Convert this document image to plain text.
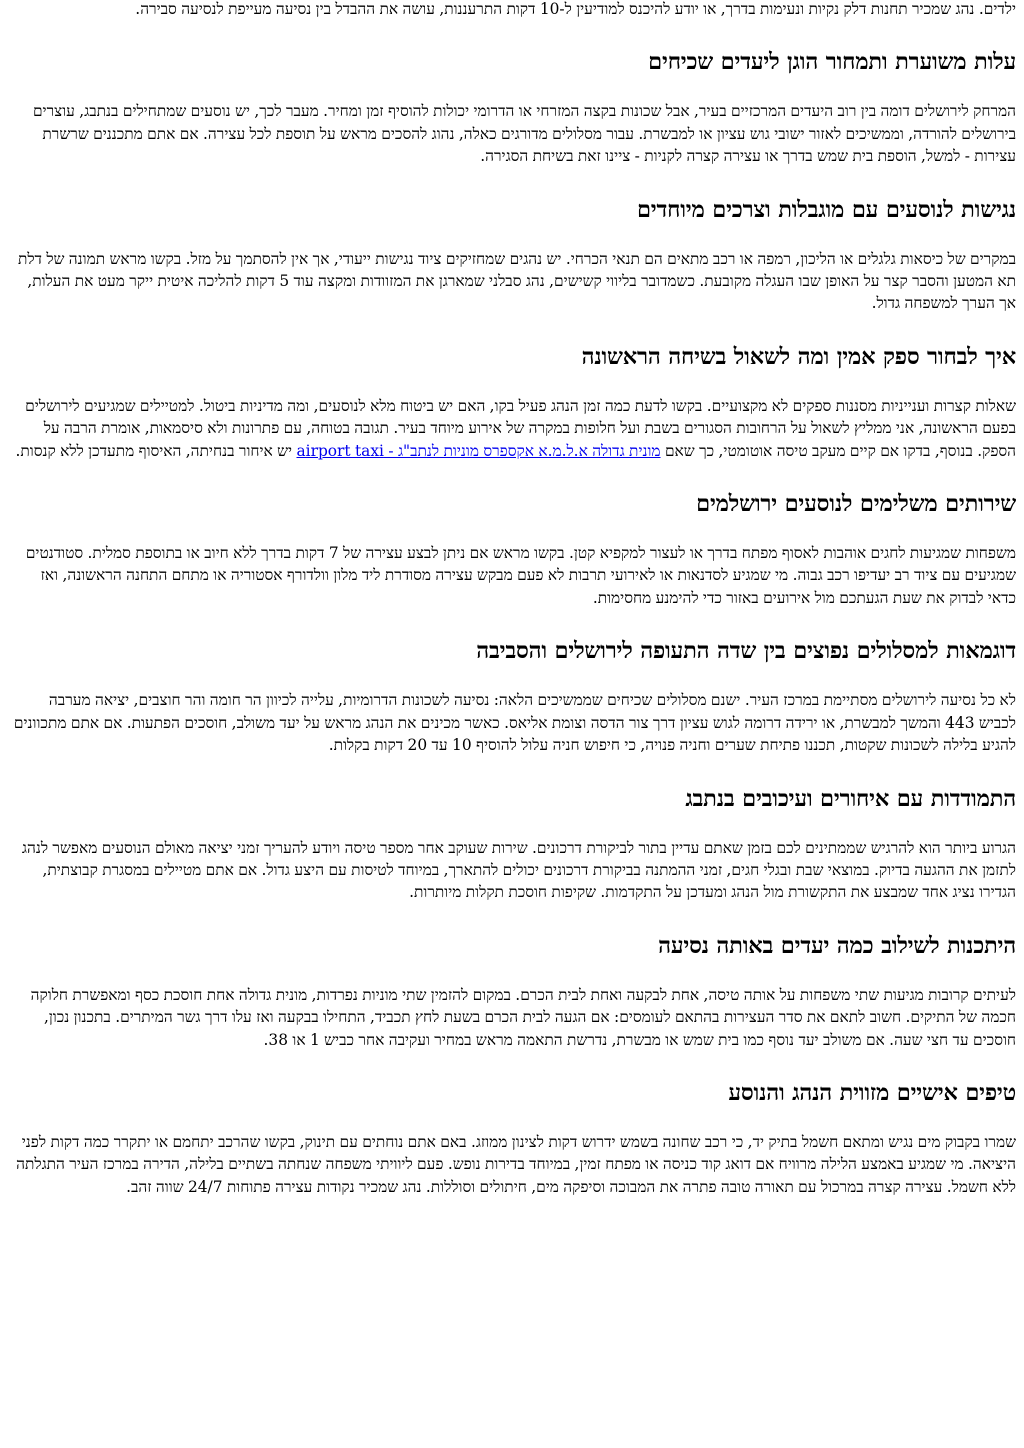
ילדים. נהג שמכיר תחנות דלק נקיות ונעימות בדרך, או יודע להיכנס למודיעין ל-10 דקות התרעננות, עושה את ההבדל בין נסיעה מעייפת לנסיעה סבירה.

עלות משוערת ותמחור הוגן ליעדים שכיחים

המרחק לירושלים דומה בין רוב היעדים המרכזיים בעיר, אבל שכונות בקצה המזרחי או הדרומי יכולות להוסיף זמן ומחיר. מעבר לכך, יש נוסעים שמתחילים בנתבג, עוצרים בירושלים להורדה, וממשיכים לאזור ישובי גוש עציון או למבשרת. עבור מסלולים מדורגים כאלה, נהוג להסכים מראש על תוספת לכל עצירה. אם אתם מתכננים שרשרת עצירות - למשל, הוספת בית שמש בדרך או עצירה קצרה לקניות - ציינו זאת בשיחת הסגירה.

נגישות לנוסעים עם מוגבלות וצרכים מיוחדים

במקרים של כיסאות גלגלים או הליכון, רמפה או רכב מתאים הם תנאי הכרחי. יש נהגים שמחזיקים ציוד נגישות ייעודי, אך אין להסתמך על מזל. בקשו מראש תמונה של דלת תא המטען והסבר קצר על האופן שבו העגלה מקובעת. כשמדובר בליווי קשישים, נהג סבלני שמארגן את המזוודות ומקצה עוד 5 דקות להליכה איטית ייקר מעט את העלות, אך הערך למשפחה גדול.

איך לבחור ספק אמין ומה לשאול בשיחה הראשונה

שאלות קצרות וענייניות מסננות ספקים לא מקצועיים. בקשו לדעת כמה זמן הנהג פעיל בקו, האם יש ביטוח מלא לנוסעים, ומה מדיניות ביטול. למטיילים שמגיעים לירושלים בפעם הראשונה, אני ממליץ לשאול על הרחובות הסגורים בשבת ועל חלופות במקרה של אירוע מיוחד בעיר. תגובה בטוחה, עם פתרונות ולא סיסמאות, אומרת הרבה על הספק. בנוסף, בדקו אם קיים מעקב טיסה אוטומטי, כך שאם מונית גדולה א.ל.מ.א אקספרס מוניות לנתב"ג - airport taxi יש איחור בנחיתה, האיסוף מתעדכן ללא קנסות.

שירותים משלימים לנוסעים ירושלמים

משפחות שמגיעות לחגים אוהבות לאסוף מפתח בדרך או לעצור למקפיא קטן. בקשו מראש אם ניתן לבצע עצירה של 7 דקות בדרך ללא חיוב או בתוספת סמלית. סטודנטים שמגיעים עם ציוד רב יעדיפו רכב גבוה. מי שמגיע לסדנאות או לאירועי תרבות לא פעם מבקש עצירה מסודרת ליד מלון וולדורף אסטוריה או מתחם התחנה הראשונה, ואז כדאי לבדוק את שעת הגעתכם מול אירועים באזור כדי להימנע מחסימות.

דוגמאות למסלולים נפוצים בין שדה התעופה לירושלים והסביבה

לא כל נסיעה לירושלים מסתיימת במרכז העיר. ישנם מסלולים שכיחים שממשיכים הלאה: נסיעה לשכונות הדרומיות, עלייה לכיוון הר חומה והר חוצבים, יציאה מערבה לכביש 443 והמשך למבשרת, או ירידה דרומה לגוש עציון דרך צור הדסה וצומת אליאס. כאשר מכינים את הנהג מראש על יעד משולב, חוסכים הפתעות. אם אתם מתכוונים להגיע בלילה לשכונות שקטות, תכננו פתיחת שערים וחניה פנויה, כי חיפוש חניה עלול להוסיף 10 עד 20 דקות בקלות.

התמודדות עם איחורים ועיכובים בנתבג

הגרוע ביותר הוא להרגיש שממתינים לכם בזמן שאתם עדיין בתור לביקורת דרכונים. שירות שעוקב אחר מספר טיסה ויודע להעריך זמני יציאה מאולם הנוסעים מאפשר לנהג לתזמן את ההגעה בדיוק. במוצאי שבת ובגלי חגים, זמני ההמתנה בביקורת דרכונים יכולים להתארך, במיוחד לטיסות עם היצע גדול. אם אתם מטיילים במסגרת קבוצתית, הגדירו נציג אחד שמבצע את התקשורת מול הנהג ומעדכן על התקדמות. שקיפות חוסכת תקלות מיותרות.

היתכנות לשילוב כמה יעדים באותה נסיעה

לעיתים קרובות מגיעות שתי משפחות על אותה טיסה, אחת לבקעה ואחת לבית הכרם. במקום להזמין שתי מוניות נפרדות, מונית גדולה אחת חוסכת כסף ומאפשרת חלוקה חכמה של התיקים. חשוב לתאם את סדר העצירות בהתאם לעומסים: אם הגעה לבית הכרם בשעת לחץ תכביד, התחילו בבקעה ואז עלו דרך גשר המיתרים. בתכנון נכון, חוסכים עד חצי שעה. אם משולב יעד נוסף כמו בית שמש או מבשרת, נדרשת התאמה מראש במחיר ועקיבה אחר כביש 1 או 38.

טיפים אישיים מזווית הנהג והנוסע

שמרו בקבוק מים נגיש ומתאם חשמל בתיק יד, כי רכב שחונה בשמש ידרוש דקות לצינון ממוזג. באם אתם נוחתים עם תינוק, בקשו שהרכב יתחמם או יתקרר כמה דקות לפני היציאה. מי שמגיע באמצע הלילה מרוויח אם דואג קוד כניסה או מפתח זמין, במיוחד בדירות נופש. פעם ליוויתי משפחה שנחתה בשתיים בלילה, הדירה במרכז העיר התגלתה ללא חשמל. עצירה קצרה במרכול עם תאורה טובה פתרה את המבוכה וסיפקה מים, חיתולים וסוללות. נהג שמכיר נקודות עצירה פתוחות 24/7 שווה זהב.
